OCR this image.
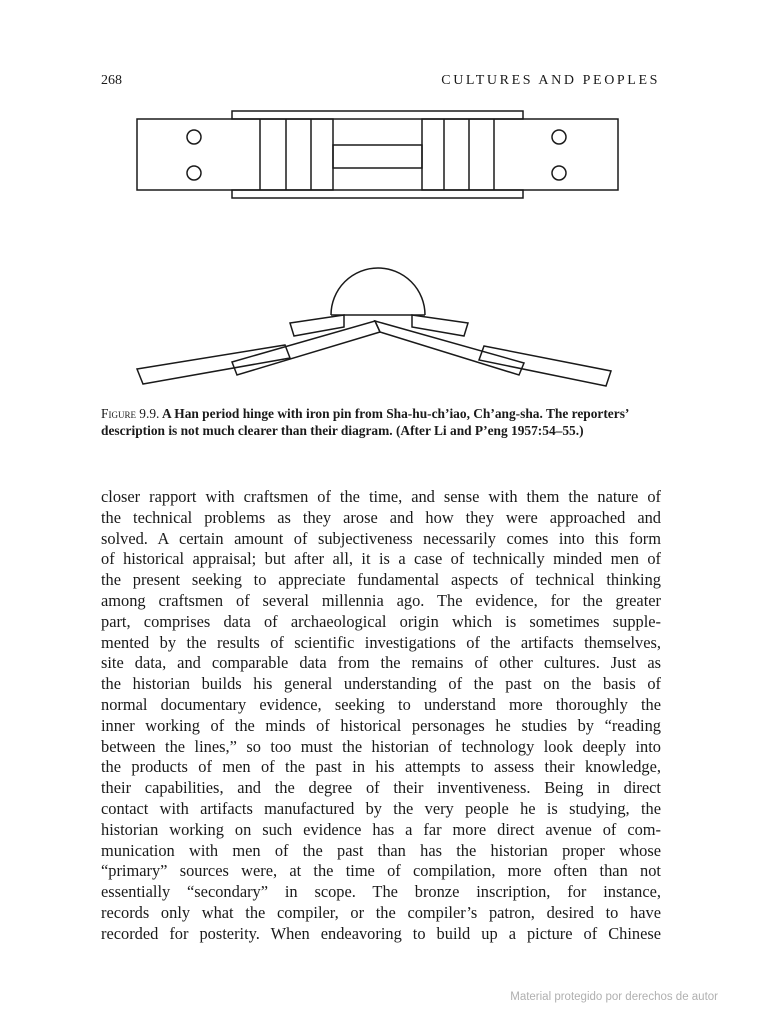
268	CULTURES AND PEOPLES
Figure 9.9. A Han period hinge with iron pin from Sha-hu-ch’iao, Ch’ang-sha. The reporters’ description is not much clearer than their diagram. (After Li and P’eng 1957:54–55.)
closer rapport with craftsmen of the time, and sense with them the nature of
the technical problems as they arose and how they were approached and
solved. A certain amount of subjectiveness necessarily comes into this form
of historical appraisal; but after all, it is a case of technically minded men of
the present seeking to appreciate fundamental aspects of technical thinking
among craftsmen of several millennia ago. The evidence, for the greater
part, comprises data of archaeological origin which is sometimes supple-
mented by the results of scientific investigations of the artifacts themselves,
site data, and comparable data from the remains of other cultures. Just as
the historian builds his general understanding of the past on the basis of
normal documentary evidence, seeking to understand more thoroughly the
inner working of the minds of historical personages he studies by “reading
between the lines,” so too must the historian of technology look deeply into
the products of men of the past in his attempts to assess their knowledge,
their capabilities, and the degree of their inventiveness. Being in direct
contact with artifacts manufactured by the very people he is studying, the
historian working on such evidence has a far more direct avenue of com-
munication with men of the past than has the historian proper whose
“primary” sources were, at the time of compilation, more often than not
essentially “secondary” in scope. The bronze inscription, for instance,
records only what the compiler, or the compiler’s patron, desired to have
recorded for posterity. When endeavoring to build up a picture of Chinese
Material protegido por derechos de autor
